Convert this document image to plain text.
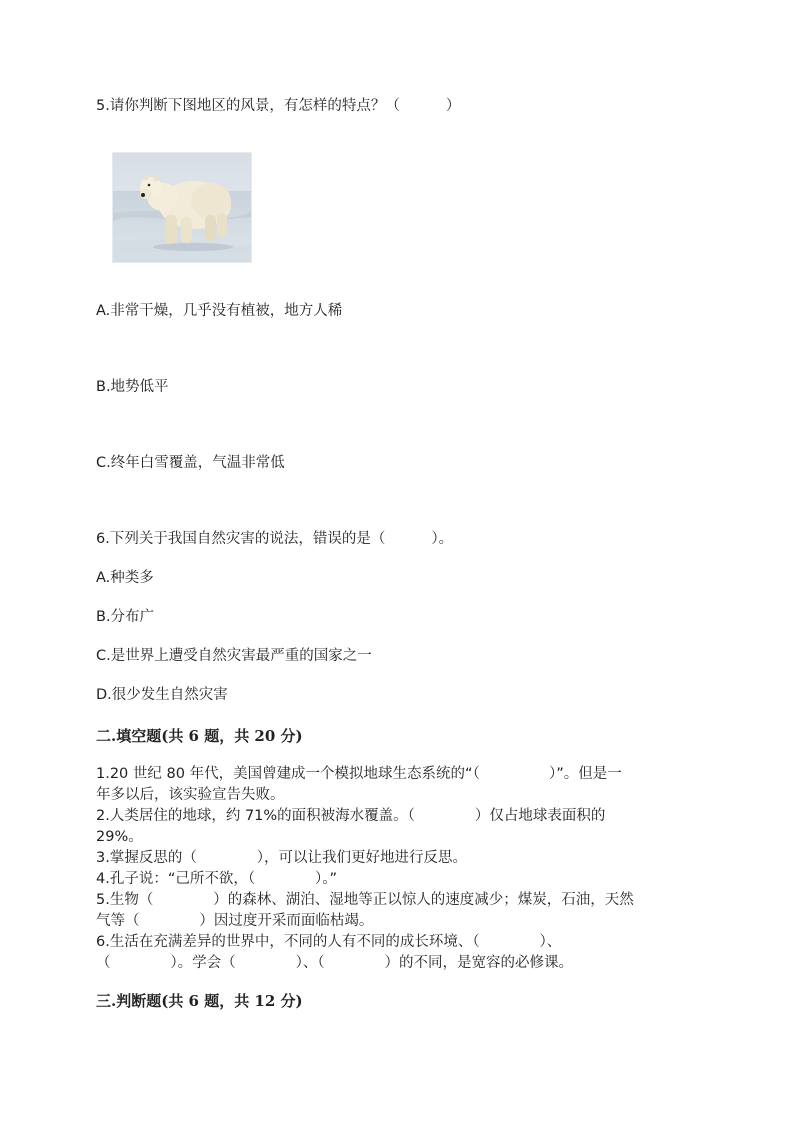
5.请你判断下图地区的风景，有怎样的特点？（          ）
A.非常干燥，几乎没有植被，地方人稀
B.地势低平
C.终年白雪覆盖，气温非常低
6.下列关于我国自然灾害的说法，错误的是（          ）。
A.种类多
B.分布广
C.是世界上遭受自然灾害最严重的国家之一
D.很少发生自然灾害
二.填空题(共 6 题，共 20 分)
1.20 世纪 80 年代，美国曾建成一个模拟地球生态系统的“（               ）”。但是一
年多以后，该实验宣告失败。
2.人类居住的地球，约 71%的面积被海水覆盖。（             ）仅占地球表面积的
29%。
3.掌握反思的（             ），可以让我们更好地进行反思。
4.孔子说：“己所不欲，（             ）。”
5.生物（             ）的森林、湖泊、湿地等正以惊人的速度减少；煤炭，石油，天然
气等（             ）因过度开采而面临枯竭。
6.生活在充满差异的世界中，不同的人有不同的成长环境、（             ）、
（             ）。学会（             ）、（             ）的不同，是宽容的必修课。
三.判断题(共 6 题，共 12 分)
